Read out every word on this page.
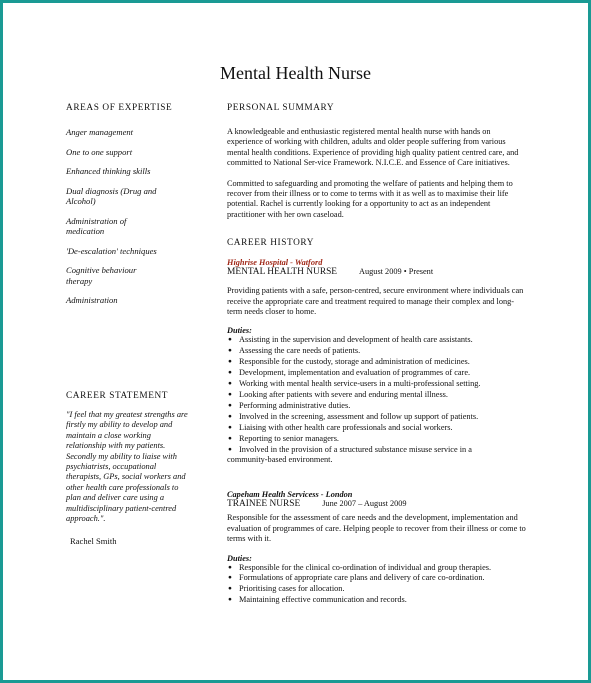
Mental Health Nurse

AREAS OF EXPERTISE

Anger management
One to one support
Enhanced thinking skills
Dual diagnosis (Drug and Alcohol)
Administration of medication
'De-escalation' techniques
Cognitive behaviour therapy
Administration

CAREER STATEMENT

"I feel that my greatest strengths are firstly my ability to develop and maintain a close working relationship with my patients. Secondly my ability to liaise with psychiatrists, occupational therapists, GPs, social workers and other health care professionals to plan and deliver care using a multidisciplinary patient-centred approach.".

Rachel Smith

PERSONAL SUMMARY

A knowledgeable and enthusiastic registered mental health nurse with hands on experience of working with children, adults and older people suffering from various mental health conditions. Experience of providing high quality patient centred care, and committed to National Ser-vice Framework. N.I.C.E. and Essence of Care initiatives.

Committed to safeguarding and promoting the welfare of patients and helping them to recover from their illness or to come to terms with it as well as to maximise their life potential. Rachel is currently looking for a opportunity to act as an independent practitioner with her own caseload.

CAREER HISTORY

Highrise Hospital - Watford

MENTAL HEALTH NURSE	August 2009 • Present

Providing patients with a safe, person-centred, secure environment where individuals can receive the appropriate care and treatment required to manage their complex and long-term needs closer to home.

Duties:

● Assisting in the supervision and development of health care assistants.
● Assessing the care needs of patients.
● Responsible for the custody, storage and administration of medicines.
● Development, implementation and evaluation of programmes of care.
● Working with mental health service-users in a multi-professional setting.
● Looking after patients with severe and enduring mental illness.
● Performing administrative duties.
● Involved in the screening, assessment and follow up support of patients.
● Liaising with other health care professionals and social workers.
● Reporting to senior managers.
● Involved in the provision of a structured substance misuse service in a
community-based environment.

Capeham Health Servicess - London

TRAINEE NURSE	June 2007 – August 2009

Responsible for the assessment of care needs and the development, implementation and evaluation of programmes of care. Helping people to recover from their illness or come to terms with it.

Duties:

● Responsible for the clinical co-ordination of individual and group therapies.
● Formulations of appropriate care plans and delivery of care co-ordination.
● Prioritising cases for allocation.
● Maintaining effective communication and records.
